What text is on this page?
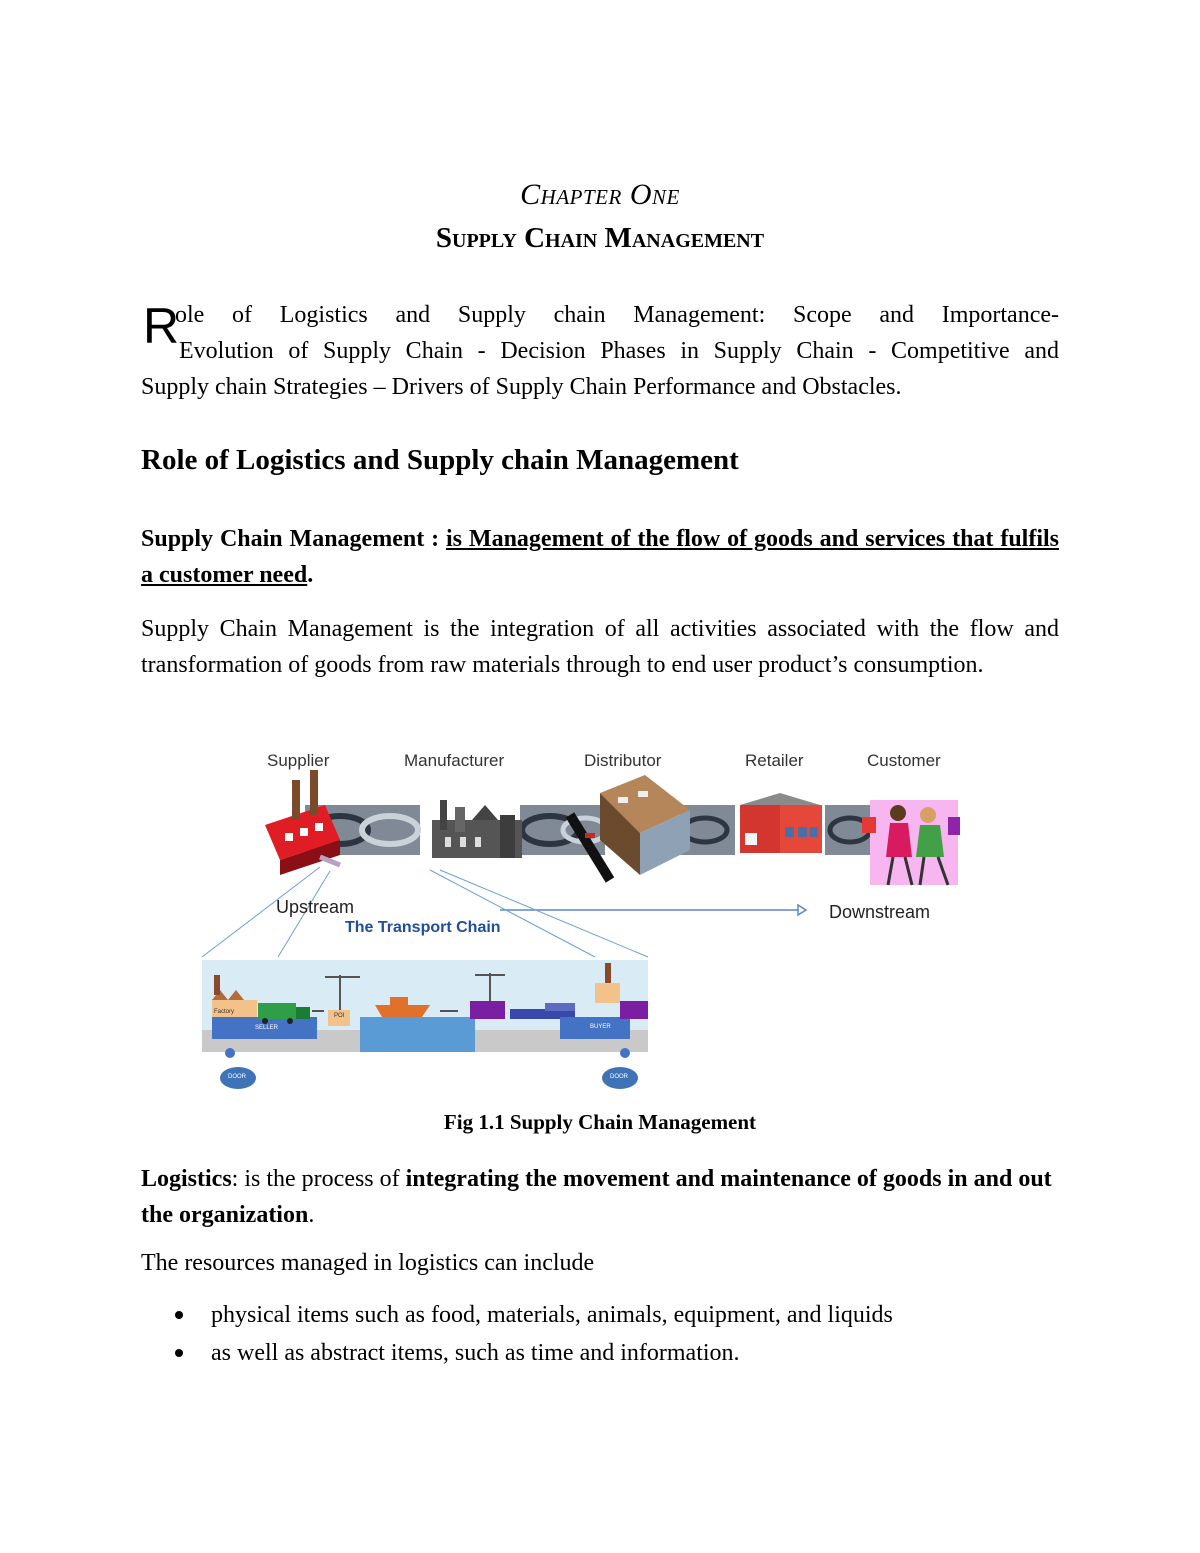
Chapter One
Supply Chain Management
R
ole of Logistics and Supply chain Management: Scope and Importance-
Evolution of Supply Chain - Decision Phases in Supply Chain - Competitive and
Supply chain Strategies – Drivers of Supply Chain Performance and Obstacles.
Role of Logistics and Supply chain Management
Supply Chain Management : is Management of the flow of goods and services that fulfils a customer need.
Supply Chain Management is the integration of all activities associated with the flow and transformation of goods from raw materials through to end user product’s consumption.
Supplier	Manufacturer	Distributor	Retailer	Customer
Upstream	Downstream
The Transport Chain
Factory
SELLER
POI
BUYER
DOOR	DOOR
Fig 1.1 Supply Chain Management
Logistics: is the process of integrating the movement and maintenance of goods in and out the organization.
The resources managed in logistics can include
physical items such as food, materials, animals, equipment, and liquids
as well as abstract items, such as time and information.
